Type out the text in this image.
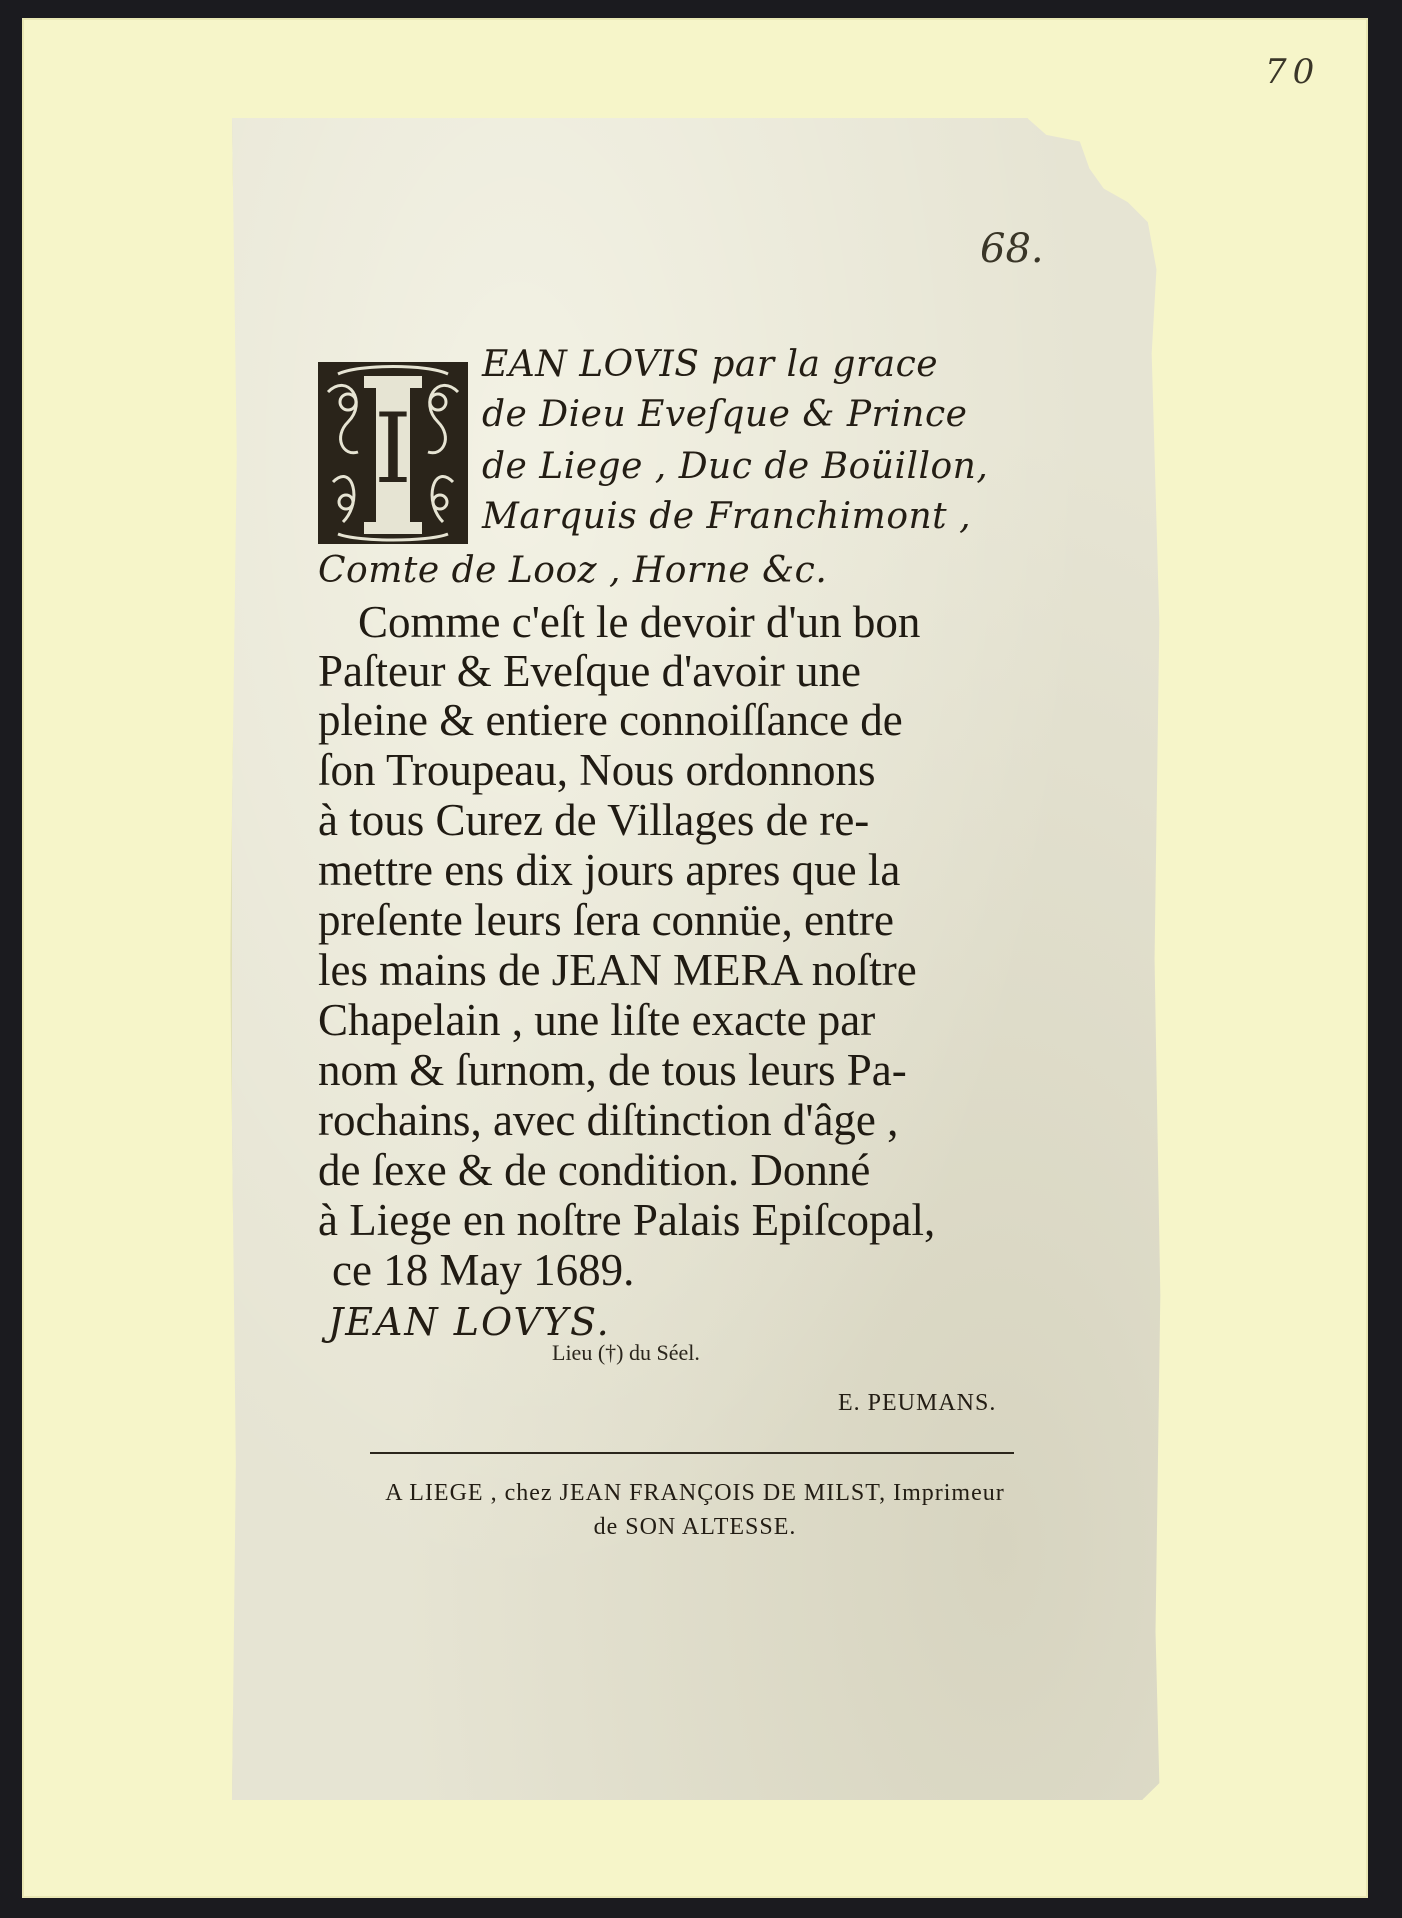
70
68.
I
EAN LOVIS par la grace
de Dieu Eveſque & Prince
de Liege , Duc de Boüillon,
Marquis de Franchimont ,
Comte de Looz , Horne &c.
Comme c'eſt le devoir d'un bon
Paſteur & Eveſque d'avoir une
pleine & entiere connoiſſance de
ſon Troupeau, Nous ordonnons
à tous Curez de Villages de re-
mettre ens dix jours apres que la
preſente leurs ſera connüe, entre
les mains de JEAN MERA noſtre
Chapelain , une liſte exacte par
nom & ſurnom, de tous leurs Pa-
rochains, avec diſtinction d'âge ,
de ſexe & de condition. Donné
à Liege en noſtre Palais Epiſcopal,
ce 18 May 1689.
JEAN LOVYS.
Lieu (†) du Séel.
E. PEUMANS.
A LIEGE , chez JEAN FRANÇOIS DE MILST, Imprimeur
de SON ALTESSE.
